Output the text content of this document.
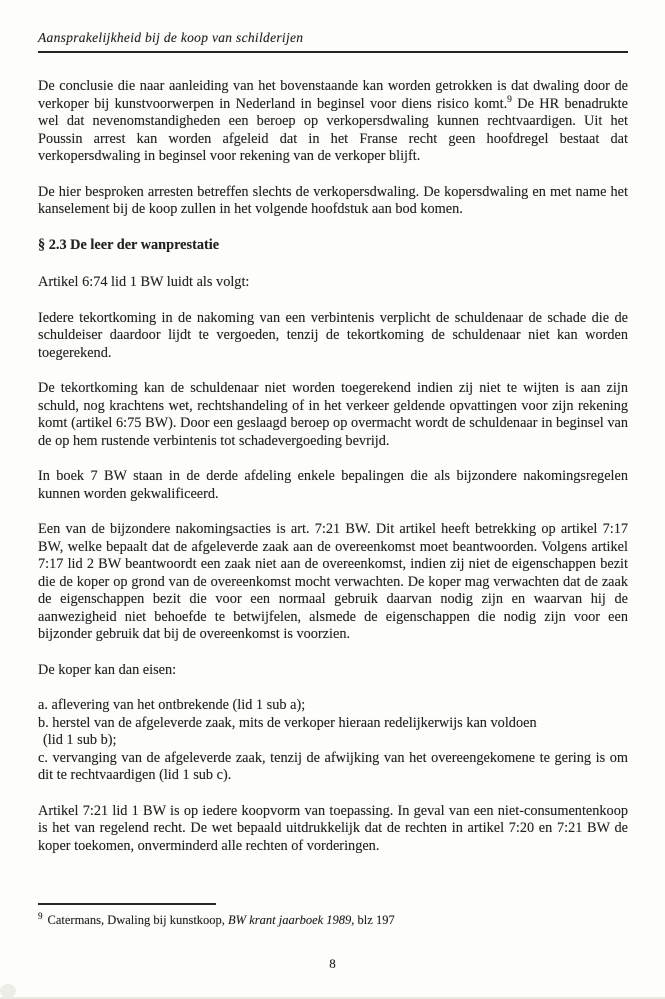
Aansprakelijkheid bij de koop van schilderijen

De conclusie die naar aanleiding van het bovenstaande kan worden getrokken is dat dwaling door de verkoper bij kunstvoorwerpen in Nederland in beginsel voor diens risico komt.$^9$ De HR benadrukte wel dat nevenomstandigheden een beroep op verkopersdwaling kunnen rechtvaardigen. Uit het Poussin arrest kan worden afgeleid dat in het Franse recht geen hoofdregel bestaat dat verkopersdwaling in beginsel voor rekening van de verkoper blijft.

De hier besproken arresten betreffen slechts de verkopersdwaling. De kopersdwaling en met name het kanselement bij de koop zullen in het volgende hoofdstuk aan bod komen.

§ 2.3 De leer der wanprestatie

Artikel 6:74 lid 1 BW luidt als volgt:

Iedere tekortkoming in de nakoming van een verbintenis verplicht de schuldenaar de schade die de schuldeiser daardoor lijdt te vergoeden, tenzij de tekortkoming de schuldenaar niet kan worden toegerekend.

De tekortkoming kan de schuldenaar niet worden toegerekend indien zij niet te wijten is aan zijn schuld, nog krachtens wet, rechtshandeling of in het verkeer geldende opvattingen voor zijn rekening komt (artikel 6:75 BW). Door een geslaagd beroep op overmacht wordt de schuldenaar in beginsel van de op hem rustende verbintenis tot schadevergoeding bevrijd.

In boek 7 BW staan in de derde afdeling enkele bepalingen die als bijzondere nakomingsregelen kunnen worden gekwalificeerd.

Een van de bijzondere nakomingsacties is art. 7:21 BW. Dit artikel heeft betrekking op artikel 7:17 BW, welke bepaalt dat de afgeleverde zaak aan de overeenkomst moet beantwoorden. Volgens artikel 7:17 lid 2 BW beantwoordt een zaak niet aan de overeenkomst, indien zij niet de eigenschappen bezit die de koper op grond van de overeenkomst mocht verwachten. De koper mag verwachten dat de zaak de eigenschappen bezit die voor een normaal gebruik daarvan nodig zijn en waarvan hij de aanwezigheid niet behoefde te betwijfelen, alsmede de eigenschappen die nodig zijn voor een bijzonder gebruik dat bij de overeenkomst is voorzien.

De koper kan dan eisen:

a. aflevering van het ontbrekende (lid 1 sub a);

b. herstel van de afgeleverde zaak, mits de verkoper hieraan redelijkerwijs kan voldoen

(lid 1 sub b);

c. vervanging van de afgeleverde zaak, tenzij de afwijking van het overeengekomene te gering is om dit te rechtvaardigen (lid 1 sub c).

Artikel 7:21 lid 1 BW is op iedere koopvorm van toepassing. In geval van een niet-consumentenkoop is het van regelend recht. De wet bepaald uitdrukkelijk dat de rechten in artikel 7:20 en 7:21 BW de koper toekomen, onverminderd alle rechten of vorderingen.

$^9$ Catermans, Dwaling bij kunstkoop, BW krant jaarboek 1989, blz 197
8
